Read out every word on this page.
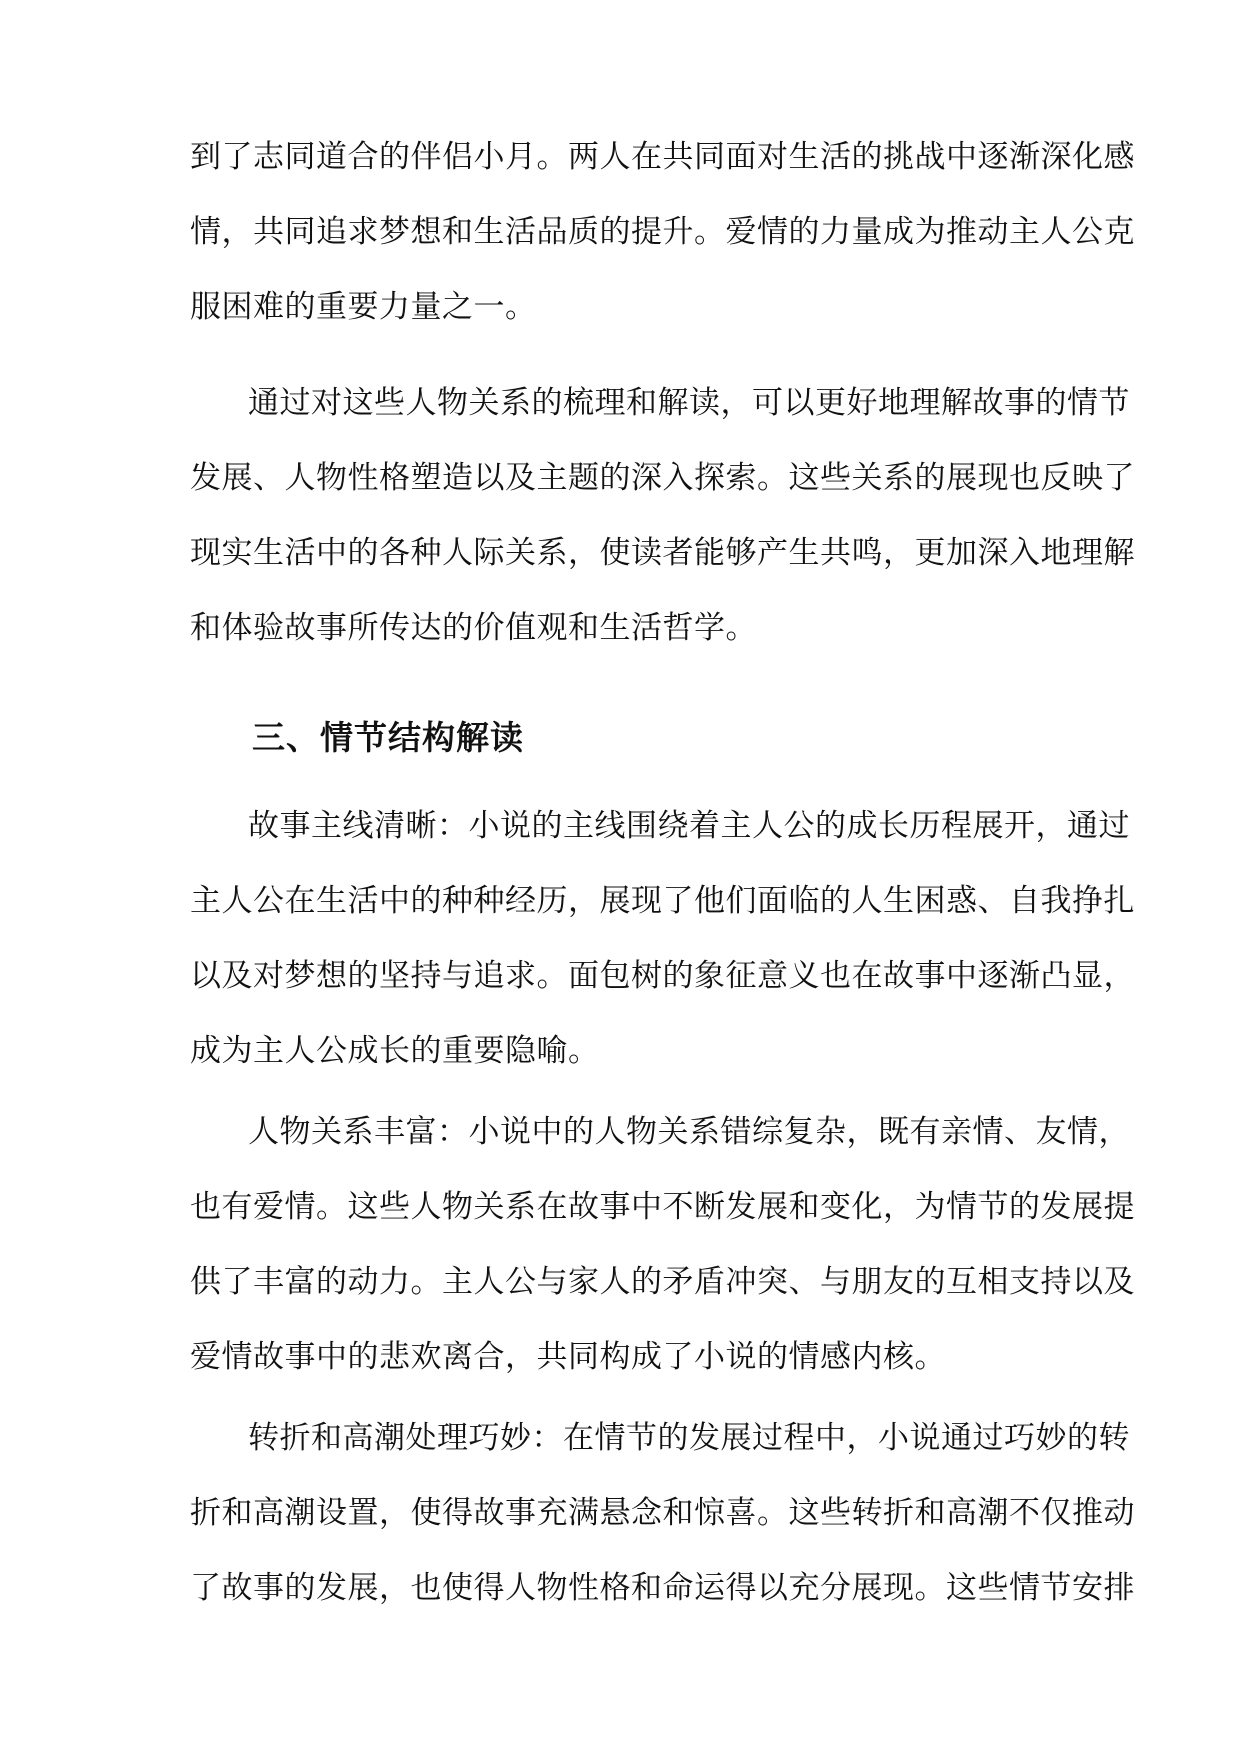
到了志同道合的伴侣小月。两人在共同面对生活的挑战中逐渐深化感
情，共同追求梦想和生活品质的提升。爱情的力量成为推动主人公克
服困难的重要力量之一。
通过对这些人物关系的梳理和解读，可以更好地理解故事的情节
发展、人物性格塑造以及主题的深入探索。这些关系的展现也反映了
现实生活中的各种人际关系，使读者能够产生共鸣，更加深入地理解
和体验故事所传达的价值观和生活哲学。
三、情节结构解读
故事主线清晰：小说的主线围绕着主人公的成长历程展开，通过
主人公在生活中的种种经历，展现了他们面临的人生困惑、自我挣扎
以及对梦想的坚持与追求。面包树的象征意义也在故事中逐渐凸显，
成为主人公成长的重要隐喻。
人物关系丰富：小说中的人物关系错综复杂，既有亲情、友情，
也有爱情。这些人物关系在故事中不断发展和变化，为情节的发展提
供了丰富的动力。主人公与家人的矛盾冲突、与朋友的互相支持以及
爱情故事中的悲欢离合，共同构成了小说的情感内核。
转折和高潮处理巧妙：在情节的发展过程中，小说通过巧妙的转
折和高潮设置，使得故事充满悬念和惊喜。这些转折和高潮不仅推动
了故事的发展，也使得人物性格和命运得以充分展现。这些情节安排
